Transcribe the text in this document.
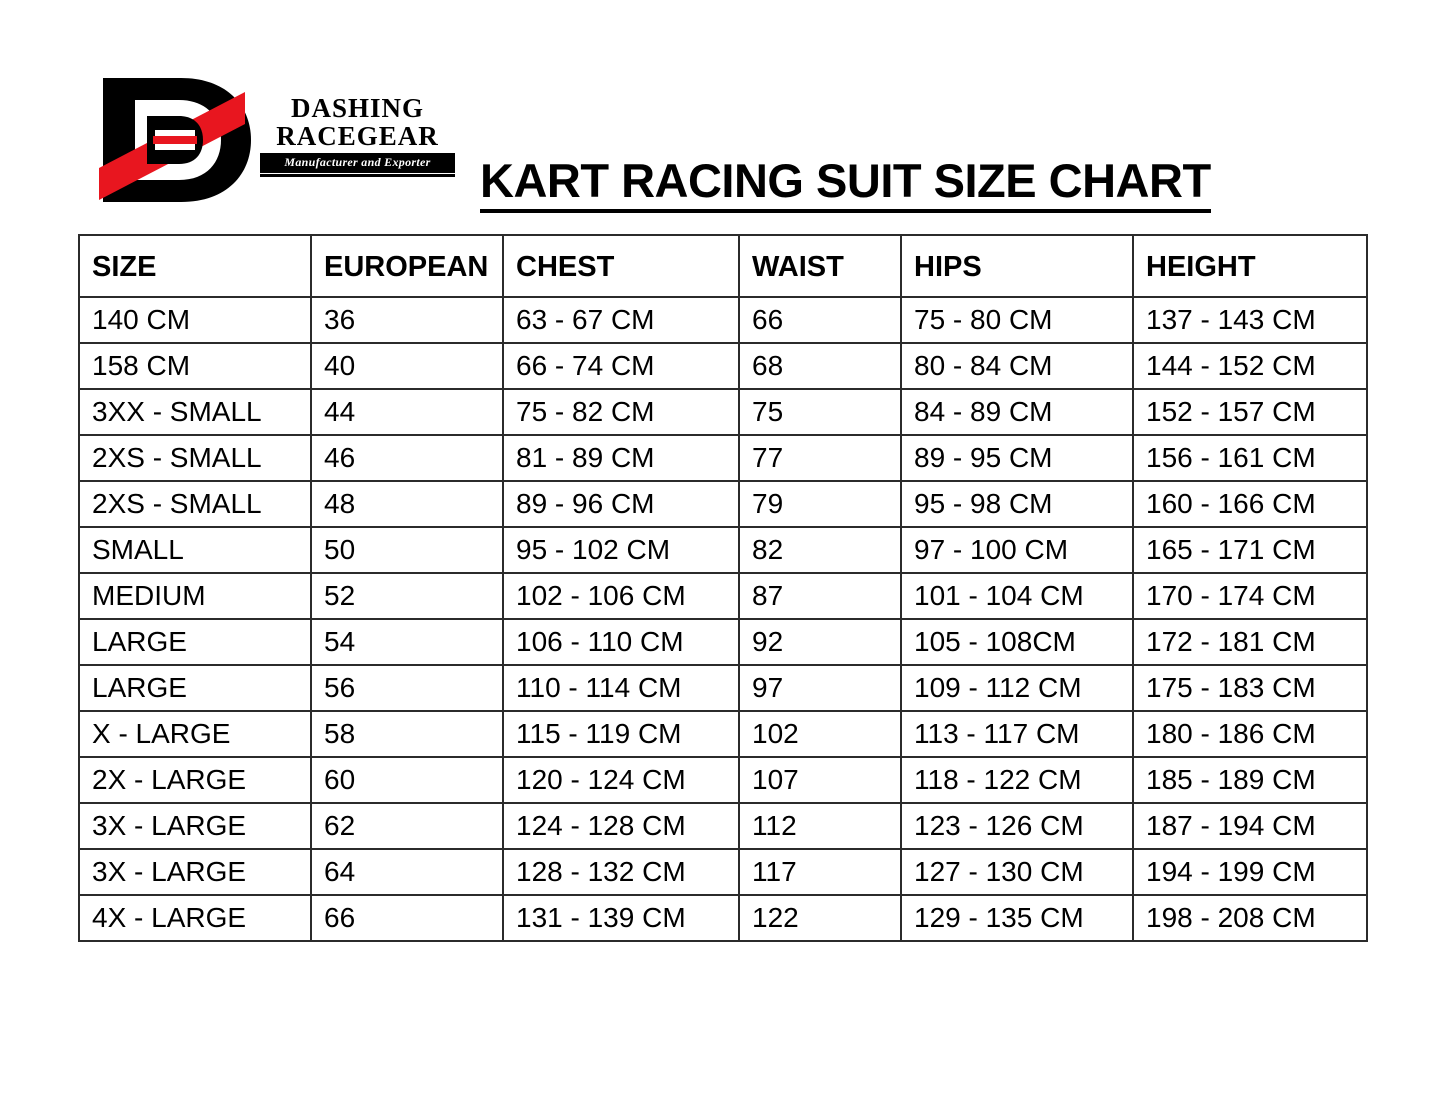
DASHING
RACEGEAR
Manufacturer and Exporter	KART RACING SUIT SIZE CHART
SIZE	EUROPEAN	CHEST	WAIST	HIPS	HEIGHT
140 CM	36	63 - 67 CM	66	75 - 80 CM	137 - 143 CM
158 CM	40	66 - 74 CM	68	80 - 84 CM	144 - 152 CM
3XX - SMALL	44	75 - 82 CM	75	84 - 89 CM	152 - 157 CM
2XS - SMALL	46	81 - 89 CM	77	89 - 95 CM	156 - 161 CM
2XS - SMALL	48	89 - 96 CM	79	95 - 98 CM	160 - 166 CM
SMALL	50	95 - 102 CM	82	97 - 100 CM	165 - 171 CM
MEDIUM	52	102 - 106 CM	87	101 - 104 CM	170 - 174 CM
LARGE	54	106 - 110 CM	92	105 - 108CM	172 - 181 CM
LARGE	56	110 - 114 CM	97	109 - 112 CM	175 - 183 CM
X - LARGE	58	115 - 119 CM	102	113 - 117 CM	180 - 186 CM
2X - LARGE	60	120 - 124 CM	107	118 - 122 CM	185 - 189 CM
3X - LARGE	62	124 - 128 CM	112	123 - 126 CM	187 - 194 CM
3X - LARGE	64	128 - 132 CM	117	127 - 130 CM	194 - 199 CM
4X - LARGE	66	131 - 139 CM	122	129 - 135 CM	198 - 208 CM
